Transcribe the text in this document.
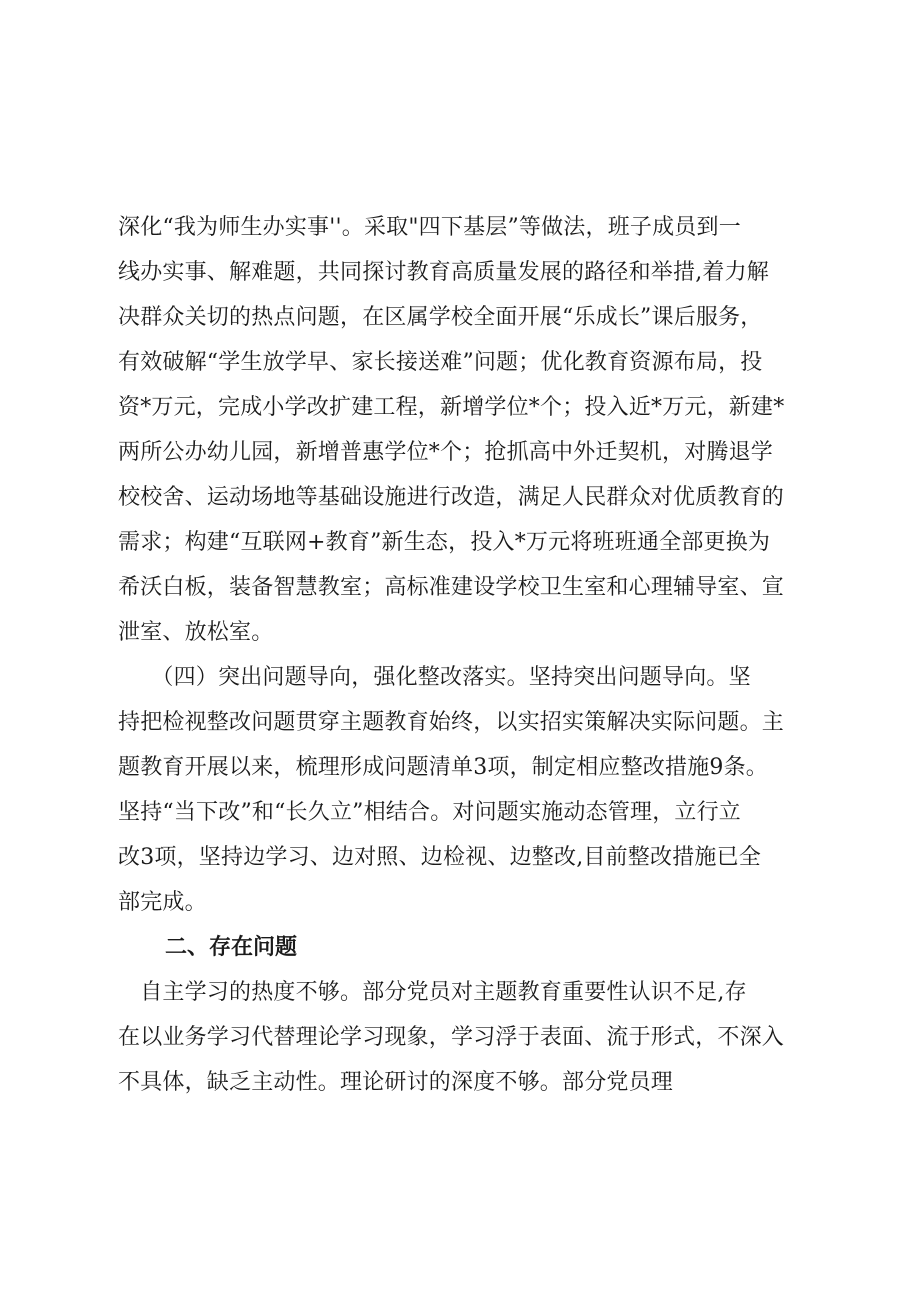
深化“我为师生办实事''。采取"四下基层”等做法，班子成员到一
线办实事、解难题，共同探讨教育高质量发展的路径和举措,着力解
决群众关切的热点问题，在区属学校全面开展“乐成长”课后服务，
有效破解“学生放学早、家长接送难”问题；优化教育资源布局，投
资*万元，完成小学改扩建工程，新增学位*个；投入近*万元，新建*
两所公办幼儿园，新增普惠学位*个；抢抓高中外迁契机，对腾退学
校校舍、运动场地等基础设施进行改造，满足人民群众对优质教育的
需求；构建“互联网+教育”新生态，投入*万元将班班通全部更换为
希沃白板，装备智慧教室；高标准建设学校卫生室和心理辅导室、宣
泄室、放松室。
　　（四）突出问题导向，强化整改落实。坚持突出问题导向。坚
持把检视整改问题贯穿主题教育始终，以实招实策解决实际问题。主
题教育开展以来，梳理形成问题清单3项，制定相应整改措施9条。
坚持“当下改”和“长久立”相结合。对问题实施动态管理，立行立
改3项，坚持边学习、边对照、边检视、边整改,目前整改措施已全
部完成。
二、存在问题
　自主学习的热度不够。部分党员对主题教育重要性认识不足,存
在以业务学习代替理论学习现象，学习浮于表面、流于形式，不深入
不具体，缺乏主动性。理论研讨的深度不够。部分党员理
